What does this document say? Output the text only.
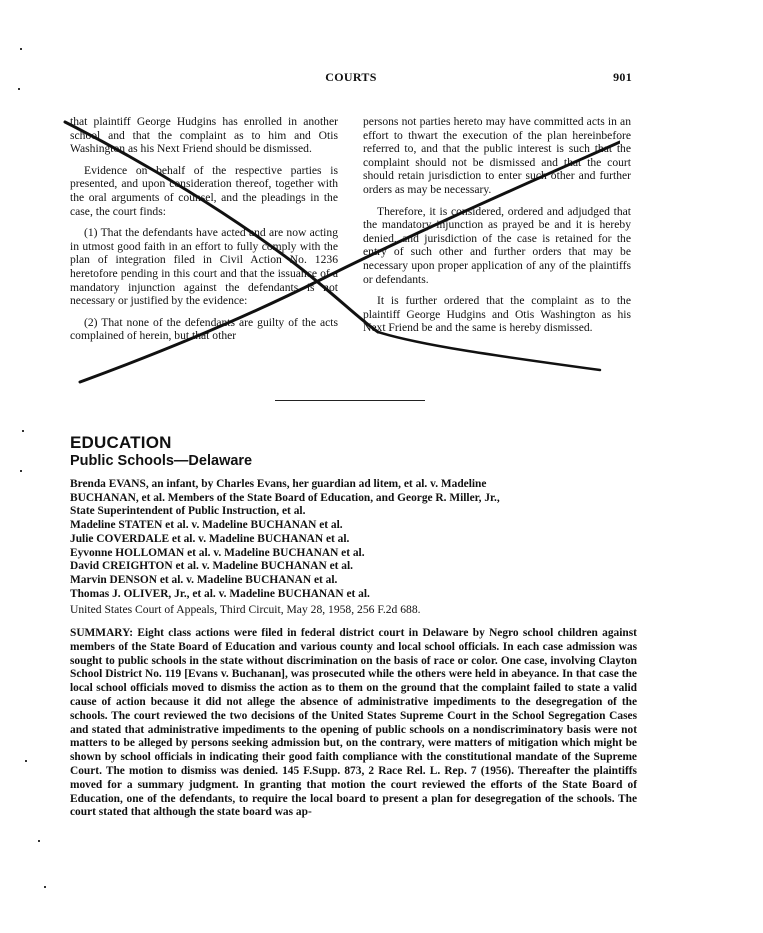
COURTS	901

that plaintiff George Hudgins has enrolled in another school and that the complaint as to him and Otis Washington as his Next Friend should be dismissed.

Evidence on behalf of the respective parties is presented, and upon consideration thereof, together with the oral arguments of counsel, and the pleadings in the case, the court finds:

(1) That the defendants have acted and are now acting in utmost good faith in an effort to fully comply with the plan of integration filed in Civil Action No. 1236 heretofore pending in this court and that the issuance of a mandatory injunction against the defendants is not necessary or justified by the evidence:

(2) That none of the defendants are guilty of the acts complained of herein, but that other

persons not parties hereto may have committed acts in an effort to thwart the execution of the plan hereinbefore referred to, and that the public interest is such that the complaint should not be dismissed and that the court should retain jurisdiction to enter such other and further orders as may be necessary.

Therefore, it is considered, ordered and adjudged that the mandatory injunction as prayed be and it is hereby denied, and jurisdiction of the case is retained for the entry of such other and further orders that may be necessary upon proper application of any of the plaintiffs or defendants.

It is further ordered that the complaint as to the plaintiff George Hudgins and Otis Washington as his Next Friend be and the same is hereby dismissed.

EDUCATION
Public Schools—Delaware
Brenda EVANS, an infant, by Charles Evans, her guardian ad litem, et al. v. Madeline
BUCHANAN, et al. Members of the State Board of Education, and George R. Miller, Jr.,
State Superintendent of Public Instruction, et al.
Madeline STATEN et al. v. Madeline BUCHANAN et al.
Julie COVERDALE et al. v. Madeline BUCHANAN et al.
Eyvonne HOLLOMAN et al. v. Madeline BUCHANAN et al.
David CREIGHTON et al. v. Madeline BUCHANAN et al.
Marvin DENSON et al. v. Madeline BUCHANAN et al.
Thomas J. OLIVER, Jr., et al. v. Madeline BUCHANAN et al.
United States Court of Appeals, Third Circuit, May 28, 1958, 256 F.2d 688.
SUMMARY: Eight class actions were filed in federal district court in Delaware by Negro school children against members of the State Board of Education and various county and local school officials. In each case admission was sought to public schools in the state without discrimination on the basis of race or color. One case, involving Clayton School District No. 119 [Evans v. Buchanan], was prosecuted while the others were held in abeyance. In that case the local school officials moved to dismiss the action as to them on the ground that the complaint failed to state a valid cause of action because it did not allege the absence of administrative impediments to the desegregation of the schools. The court reviewed the two decisions of the United States Supreme Court in the School Segregation Cases and stated that administrative impediments to the opening of public schools on a nondiscriminatory basis were not matters to be alleged by persons seeking admission but, on the contrary, were matters of mitigation which might be shown by school officials in indicating their good faith compliance with the constitutional mandate of the Supreme Court. The motion to dismiss was denied. 145 F.Supp. 873, 2 Race Rel. L. Rep. 7 (1956). Thereafter the plaintiffs moved for a summary judgment. In granting that motion the court reviewed the efforts of the State Board of Education, one of the defendants, to require the local board to present a plan for desegregation of the schools. The court stated that although the state board was ap-
